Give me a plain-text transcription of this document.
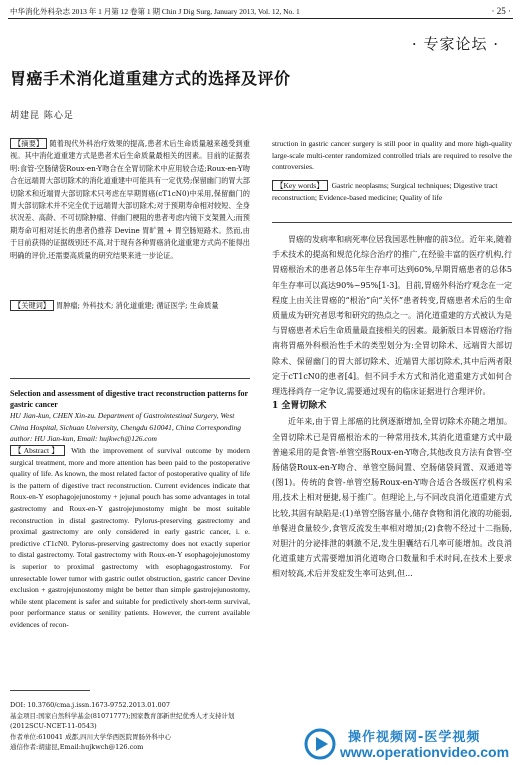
中华消化外科杂志 2013 年 1 月第 12 卷第 1 期 Chin J Dig Surg, January 2013, Vol. 12, No. 1	· 25 ·
· 专家论坛 ·
胃癌手术消化道重建方式的选择及评价
胡建昆 陈心足

【摘要】 随着现代外科治疗效果的提高,患者术后生命质量越来越受到重视。其中消化道重建方式是患者术后生命质量最相关的因素。目前的证据表明:食管-空肠储袋Roux-en-Y吻合在全胃切除术中应用较合适;Roux-en-Y吻合在远端胃大部切除术的消化道重建中可能具有一定优势;保留幽门的胃大部切除术和近端胃大部切除术只考虑在早期胃癌(cT1cN0)中采用,保留幽门的胃大部切除术并不完全优于远端胃大部切除术;对于预期寿命相对较短、全身状况差、高龄、不可切除肿瘤、伴幽门梗阻的患者考虑内镜下支架置入;而预期寿命可相对延长的患者仍推荐 Devine 胃旷置 + 胃空肠短路术。然而,由于目前获得的证据级别还不高,对于现有各种胃癌消化道重建方式尚不能得出明确的评价,还需要高质量的研究结果来进一步论证。

【关键词】 胃肿瘤; 外科技术; 消化道重建; 循证医学; 生命质量
Selection and assessment of digestive tract reconstruction patterns for gastric cancer
HU Jian-kun, CHEN Xin-zu. Department of Gastrointestinal Surgery, West China Hospital, Sichuan University, Chengdu 610041, China Corresponding author: HU Jian-kun, Email: hujkwch@126.com
【Abstract】 With the improvement of survival outcome by modern surgical treatment, more and more attention has been paid to the postoperative quality of life. As known, the most related factor of postoperative quality of life is the pattern of digestive tract reconstruction. Current evidences indicate that Roux-en-Y esophagojejunostomy + jejunal pouch has some advantages in total gastrectomy and Roux-en-Y gastrojejunostomy might be most suitable reconstruction in distal gastrectomy. Pylorus-preserving gastrectomy and proximal gastrectomy are only considered in early gastric cancer, i. e. predictive cT1cN0. Pylorus-preserving gastrectomy does not exactly superior to distal gastrectomy. Total gastrectomy with Roux-en-Y esophagojejunostomy is superior to proximal gastrectomy with esophagogastrostomy. For unresectable lower tumor with gastric outlet obstruction, gastric cancer Devine exclusion + gastrojejunostomy might be better than simple gastrojejunostomy, while stent placement is safer and suitable for predictively short-term survival, poor performance status or senility patients. However, the current available evidences of recon-
struction in gastric cancer surgery is still poor in quality and more high-quality large-scale multi-center randomized controlled trials are required to resolve the controversies.
【Key words】 Gastric neoplasms; Surgical techniques; Digestive tract reconstruction; Evidence-based medicine; Quality of life

胃癌的发病率和病死率位居我国恶性肿瘤的前3位。近年来,随着手术技术的提高和规范化综合治疗的推广,在经验丰富的医疗机构,行胃癌根治术的患者总体5年生存率可达到60%,早期胃癌患者的总体5年生存率可以高达90%~95%[1-3]。目前,胃癌外科治疗观念在一定程度上由关注胃癌的“根治”向“关怀”患者转变,胃癌患者术后的生命质量成为研究者思考和研究的热点之一。消化道重建的方式被认为是与胃癌患者术后生命质量最直接相关的因素。最新版日本胃癌治疗指南将胃癌外科根治性手术的类型划分为:全胃切除术、远端胃大部切除术、保留幽门的胃大部切除术、近端胃大部切除术,其中后两者限定于cT1cN0的患者[4]。但不同手术方式和消化道重建方式如何合理选择尚存一定争议,需要通过现有的临床证据进行合理评价。

1 全胃切除术

近年来,由于胃上部癌的比例逐渐增加,全胃切除术亦随之增加。全胃切除术已是胃癌根治术的一种常用技术,其消化道重建方式中最普遍采用的是食管-单管空肠Roux-en-Y吻合,其他改良方法有食管-空肠储袋Roux-en-Y吻合、单管空肠间置、空肠储袋间置、双通道等(图1)。传统的食管-单管空肠Roux-en-Y吻合适合各级医疗机构采用,技术上相对便捷,易于推广。但理论上,与不同改良消化道重建方式比较,其固有缺陷是:(1)单管空肠容量小,储存食物和消化液的功能弱,单餐进食量较少,食管反流发生率相对增加;(2)食物不经过十二指肠,对胆汁的分泌排泄的刺激不足,发生胆囊结石几率可能增加。改良消化道重建方式需要增加消化道吻合口数量和手术时间,在技术上要求相对较高,术后并发症发生率可达到,但...

DOI: 10.3760/cma.j.issn.1673-9752.2013.01.007
基金项目:国家自然科学基金(81071777);国家教育部新世纪优秀人才支持计划(2012SCU-NCET-11-0543)
作者单位:610041 成都,四川大学华西医院胃肠外科中心
通信作者:胡建昆,Email:hujkwch@126.com
操作视频网-医学视频
www.operationvideo.com
